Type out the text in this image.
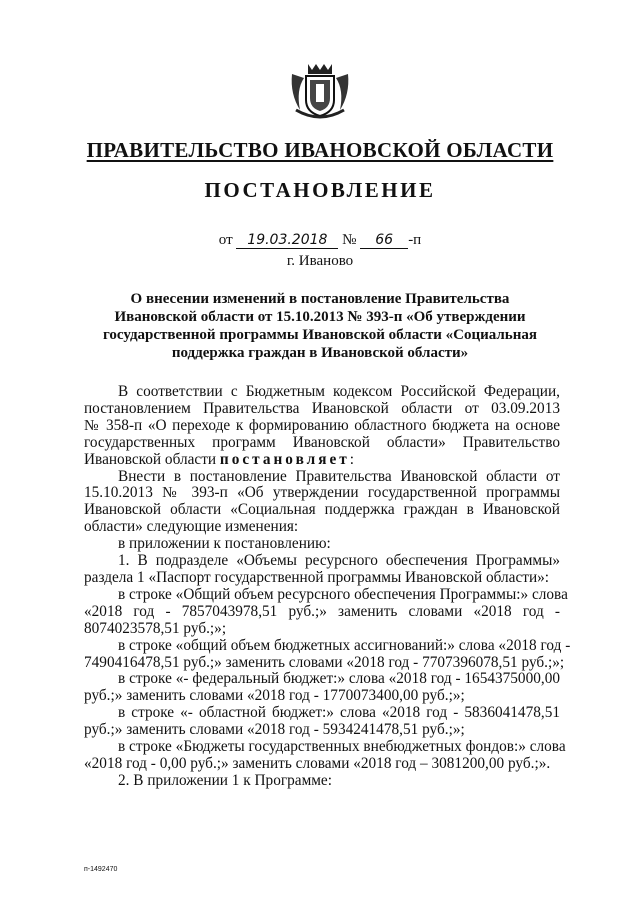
ПРАВИТЕЛЬСТВО ИВАНОВСКОЙ ОБЛАСТИ
ПОСТАНОВЛЕНИЕ
от 19.03.2018 № 66 -п
г. Иваново
О внесении изменений в постановление Правительства
Ивановской области от 15.10.2013 № 393-п «Об утверждении
государственной программы Ивановской области «Социальная
поддержка граждан в Ивановской области»
В соответствии с Бюджетным кодексом Российской Федерации,
постановлением Правительства Ивановской области от 03.09.2013
№ 358-п «О переходе к формированию областного бюджета на основе
государственных программ Ивановской области» Правительство
Ивановской области постановляет:
Внести в постановление Правительства Ивановской области от
15.10.2013 № 393-п «Об утверждении государственной программы
Ивановской области «Социальная поддержка граждан в Ивановской
области» следующие изменения:
в приложении к постановлению:
1. В подразделе «Объемы ресурсного обеспечения Программы»
раздела 1 «Паспорт государственной программы Ивановской области»:
в строке «Общий объем ресурсного обеспечения Программы:» слова
«2018 год - 7857043978,51 руб.;» заменить словами «2018 год -
8074023578,51 руб.;»;
в строке «общий объем бюджетных ассигнований:» слова «2018 год -
7490416478,51 руб.;» заменить словами «2018 год - 7707396078,51 руб.;»;
в строке «- федеральный бюджет:» слова «2018 год - 1654375000,00
руб.;» заменить словами «2018 год - 1770073400,00 руб.;»;
в строке «- областной бюджет:» слова «2018 год - 5836041478,51
руб.;» заменить словами «2018 год - 5934241478,51 руб.;»;
в строке «Бюджеты государственных внебюджетных фондов:» слова
«2018 год - 0,00 руб.;» заменить словами «2018 год – 3081200,00 руб.;».
2. В приложении 1 к Программе:
п-1492470
